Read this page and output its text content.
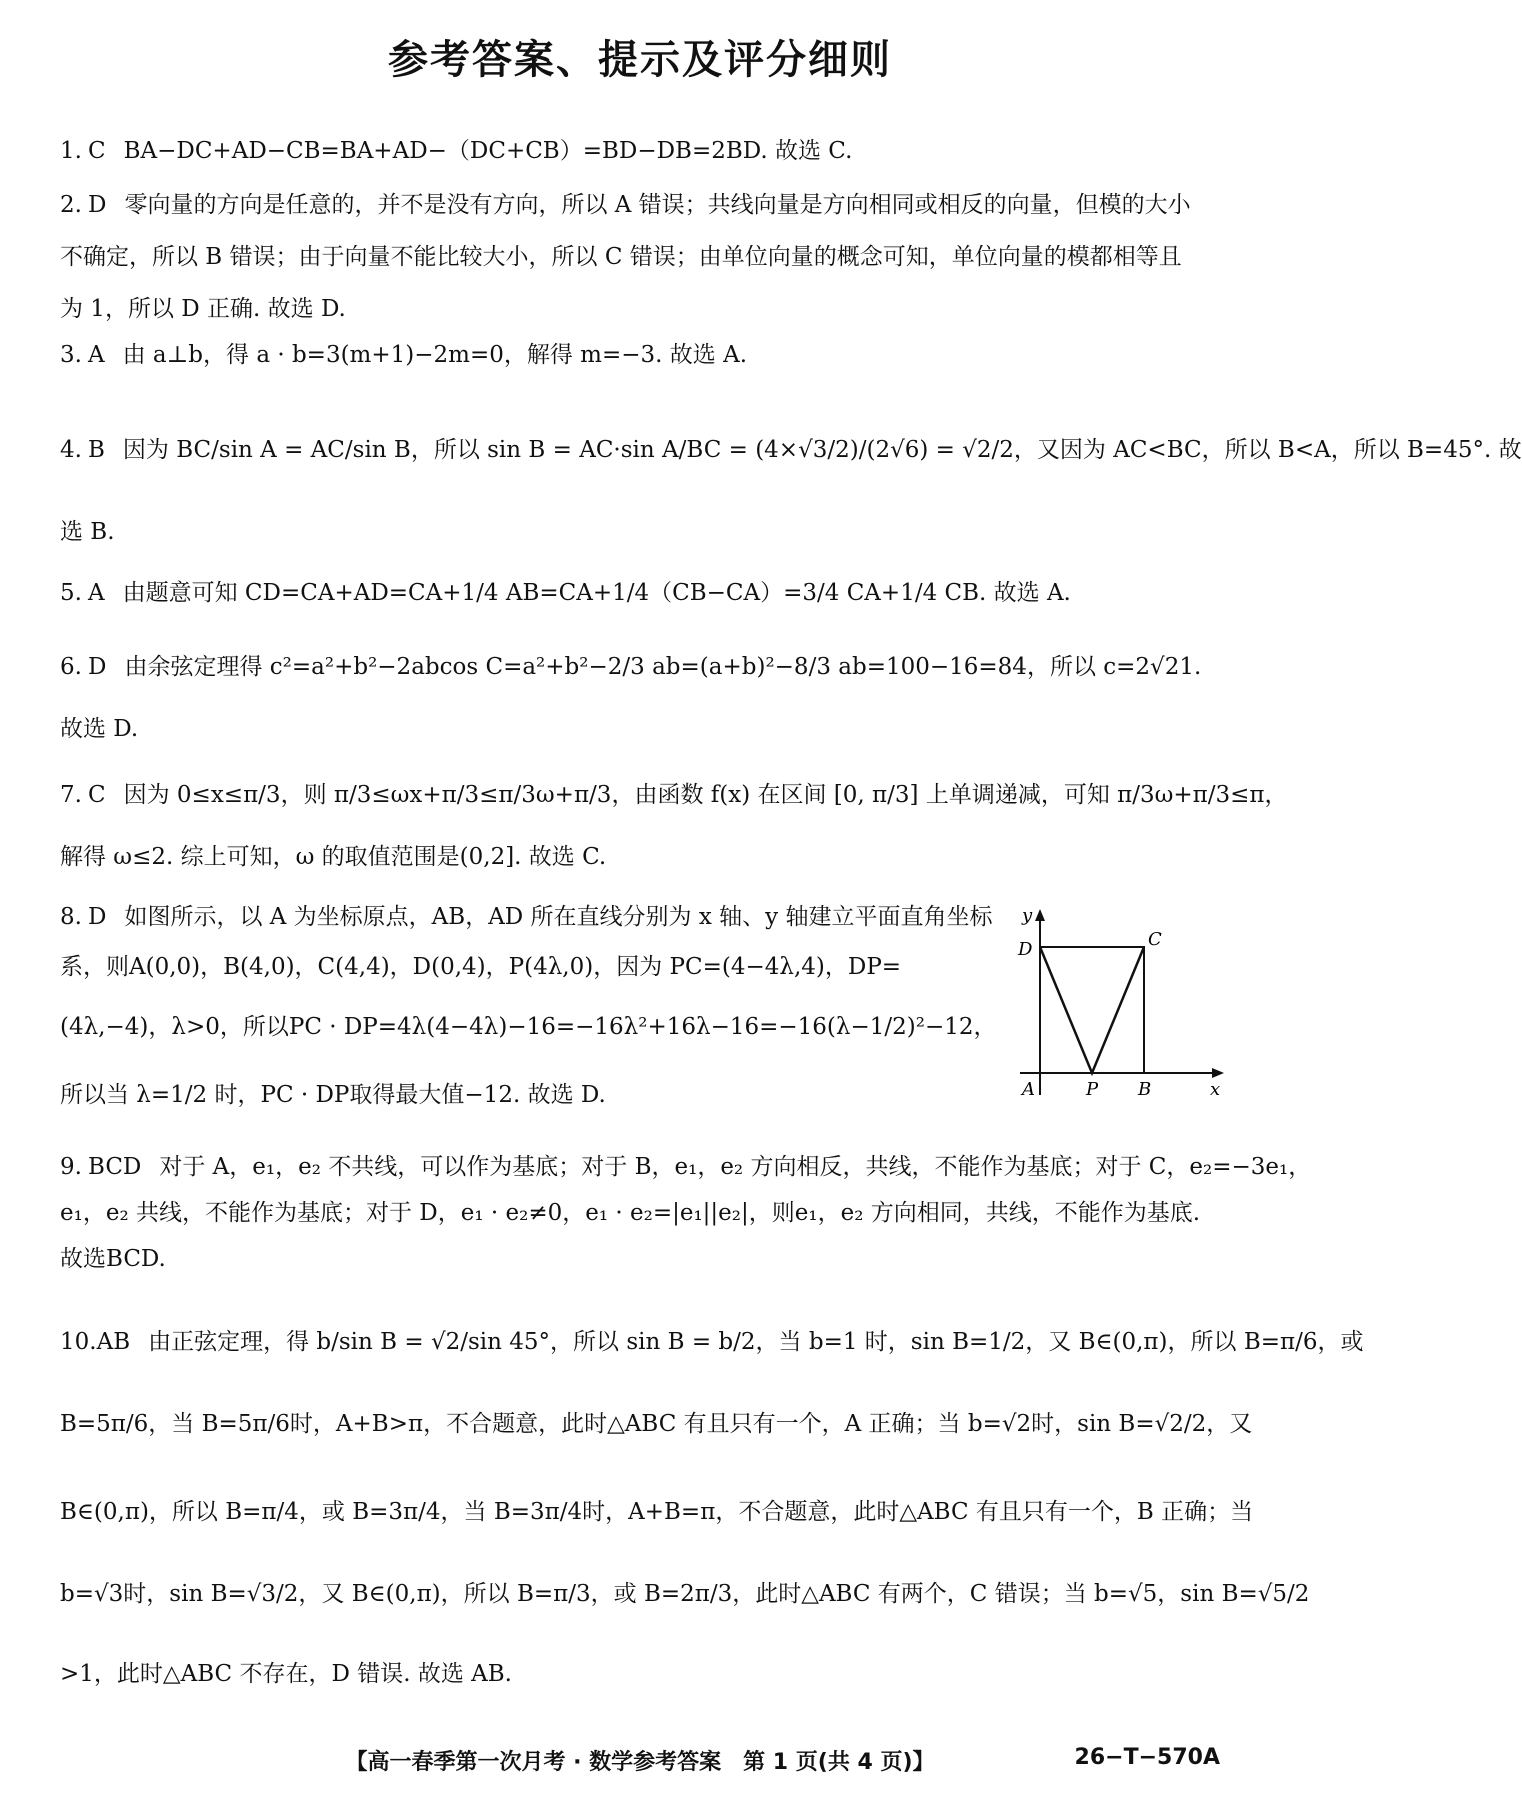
参考答案、提示及评分细则
1. C BA−DC+AD−CB=BA+AD−（DC+CB）=BD−DB=2BD. 故选 C.
2. D 零向量的方向是任意的，并不是没有方向，所以 A 错误；共线向量是方向相同或相反的向量，但模的大小
不确定，所以 B 错误；由于向量不能比较大小，所以 C 错误；由单位向量的概念可知，单位向量的模都相等且
为 1，所以 D 正确. 故选 D.
3. A 由 a⊥b，得 a · b=3(m+1)−2m=0，解得 m=−3. 故选 A.
4. B 因为 BC/sin A = AC/sin B，所以 sin B = AC·sin A/BC = (4×√3/2)/(2√6) = √2/2，又因为 AC<BC，所以 B<A，所以 B=45°. 故
选 B.
5. A 由题意可知 CD=CA+AD=CA+1/4 AB=CA+1/4（CB−CA）=3/4 CA+1/4 CB. 故选 A.
6. D 由余弦定理得 c²=a²+b²−2abcos C=a²+b²−2/3 ab=(a+b)²−8/3 ab=100−16=84，所以 c=2√21.
故选 D.
7. C 因为 0≤x≤π/3，则 π/3≤ωx+π/3≤π/3ω+π/3，由函数 f(x) 在区间 [0, π/3] 上单调递减，可知 π/3ω+π/3≤π，
解得 ω≤2. 综上可知，ω 的取值范围是(0,2]. 故选 C.
8. D 如图所示，以 A 为坐标原点，AB，AD 所在直线分别为 x 轴、y 轴建立平面直角坐标
系，则A(0,0)，B(4,0)，C(4,4)，D(0,4)，P(4λ,0)，因为 PC=(4−4λ,4)，DP=
(4λ,−4)，λ>0，所以PC · DP=4λ(4−4λ)−16=−16λ²+16λ−16=−16(λ−1/2)²−12，
所以当 λ=1/2 时，PC · DP取得最大值−12. 故选 D.
y
D	C
A	P B	x
9. BCD 对于 A，e₁，e₂ 不共线，可以作为基底；对于 B，e₁，e₂ 方向相反，共线，不能作为基底；对于 C，e₂=−3e₁，
e₁，e₂ 共线，不能作为基底；对于 D，e₁ · e₂≠0，e₁ · e₂=|e₁||e₂|，则e₁，e₂ 方向相同，共线，不能作为基底.
故选BCD.
10.AB 由正弦定理，得 b/sin B = √2/sin 45°，所以 sin B = b/2，当 b=1 时，sin B=1/2，又 B∈(0,π)，所以 B=π/6，或
B=5π/6，当 B=5π/6时，A+B>π，不合题意，此时△ABC 有且只有一个，A 正确；当 b=√2时，sin B=√2/2，又
B∈(0,π)，所以 B=π/4，或 B=3π/4，当 B=3π/4时，A+B=π，不合题意，此时△ABC 有且只有一个，B 正确；当
b=√3时，sin B=√3/2，又 B∈(0,π)，所以 B=π/3，或 B=2π/3，此时△ABC 有两个，C 错误；当 b=√5，sin B=√5/2
>1，此时△ABC 不存在，D 错误. 故选 AB.
【高一春季第一次月考 · 数学参考答案　第 1 页(共 4 页)】	26−T−570A
